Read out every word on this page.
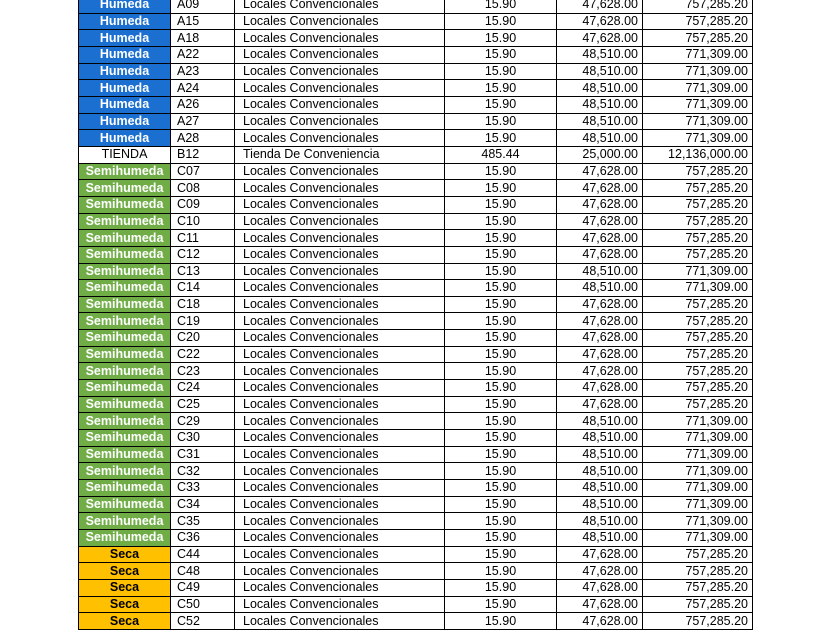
Humeda	A09	Locales Convencionales	15.90	47,628.00	757,285.20
Humeda	A15	Locales Convencionales	15.90	47,628.00	757,285.20
Humeda	A18	Locales Convencionales	15.90	47,628.00	757,285.20
Humeda	A22	Locales Convencionales	15.90	48,510.00	771,309.00
Humeda	A23	Locales Convencionales	15.90	48,510.00	771,309.00
Humeda	A24	Locales Convencionales	15.90	48,510.00	771,309.00
Humeda	A26	Locales Convencionales	15.90	48,510.00	771,309.00
Humeda	A27	Locales Convencionales	15.90	48,510.00	771,309.00
Humeda	A28	Locales Convencionales	15.90	48,510.00	771,309.00
TIENDA	B12	Tienda De Conveniencia	485.44	25,000.00	12,136,000.00
Semihumeda	C07	Locales Convencionales	15.90	47,628.00	757,285.20
Semihumeda	C08	Locales Convencionales	15.90	47,628.00	757,285.20
Semihumeda	C09	Locales Convencionales	15.90	47,628.00	757,285.20
Semihumeda	C10	Locales Convencionales	15.90	47,628.00	757,285.20
Semihumeda	C11	Locales Convencionales	15.90	47,628.00	757,285.20
Semihumeda	C12	Locales Convencionales	15.90	47,628.00	757,285.20
Semihumeda	C13	Locales Convencionales	15.90	48,510.00	771,309.00
Semihumeda	C14	Locales Convencionales	15.90	48,510.00	771,309.00
Semihumeda	C18	Locales Convencionales	15.90	47,628.00	757,285.20
Semihumeda	C19	Locales Convencionales	15.90	47,628.00	757,285.20
Semihumeda	C20	Locales Convencionales	15.90	47,628.00	757,285.20
Semihumeda	C22	Locales Convencionales	15.90	47,628.00	757,285.20
Semihumeda	C23	Locales Convencionales	15.90	47,628.00	757,285.20
Semihumeda	C24	Locales Convencionales	15.90	47,628.00	757,285.20
Semihumeda	C25	Locales Convencionales	15.90	47,628.00	757,285.20
Semihumeda	C29	Locales Convencionales	15.90	48,510.00	771,309.00
Semihumeda	C30	Locales Convencionales	15.90	48,510.00	771,309.00
Semihumeda	C31	Locales Convencionales	15.90	48,510.00	771,309.00
Semihumeda	C32	Locales Convencionales	15.90	48,510.00	771,309.00
Semihumeda	C33	Locales Convencionales	15.90	48,510.00	771,309.00
Semihumeda	C34	Locales Convencionales	15.90	48,510.00	771,309.00
Semihumeda	C35	Locales Convencionales	15.90	48,510.00	771,309.00
Semihumeda	C36	Locales Convencionales	15.90	48,510.00	771,309.00
Seca	C44	Locales Convencionales	15.90	47,628.00	757,285.20
Seca	C48	Locales Convencionales	15.90	47,628.00	757,285.20
Seca	C49	Locales Convencionales	15.90	47,628.00	757,285.20
Seca	C50	Locales Convencionales	15.90	47,628.00	757,285.20
Seca	C52	Locales Convencionales	15.90	47,628.00	757,285.20
